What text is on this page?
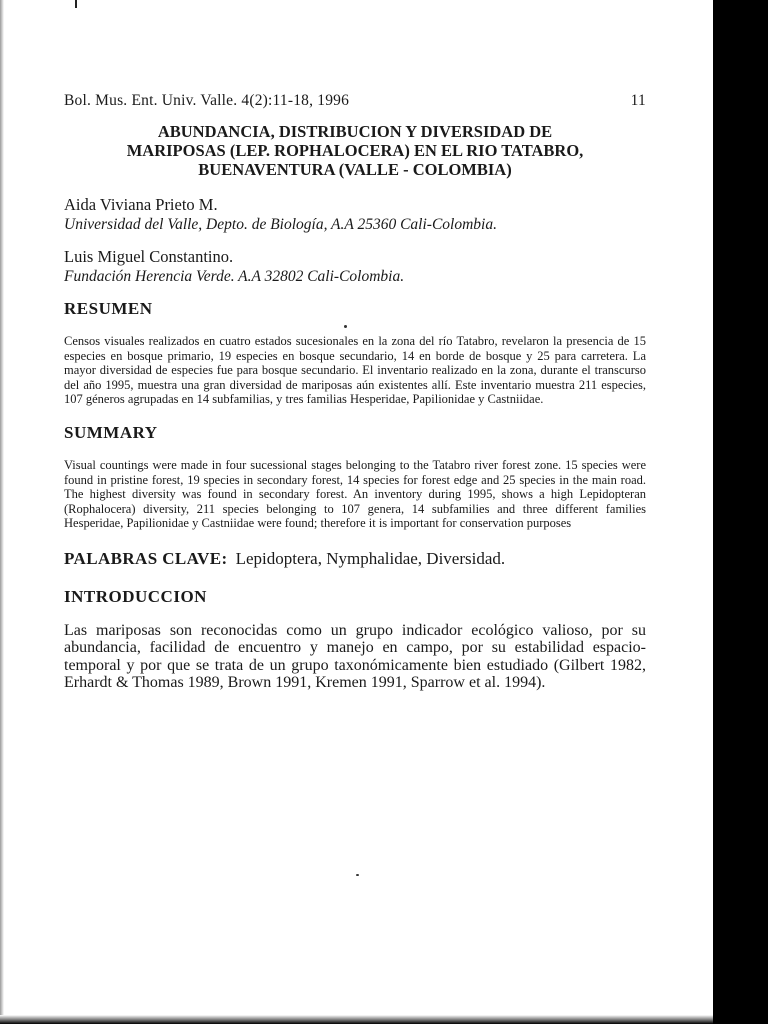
Bol. Mus. Ent. Univ. Valle. 4(2):11-18, 1996	11
ABUNDANCIA, DISTRIBUCION Y DIVERSIDAD DE
MARIPOSAS (LEP. ROPHALOCERA) EN EL RIO TATABRO,
BUENAVENTURA (VALLE - COLOMBIA)
Aida Viviana Prieto M.
Universidad del Valle, Depto. de Biología, A.A 25360 Cali-Colombia.
Luis Miguel Constantino.
Fundación Herencia Verde. A.A 32802 Cali-Colombia.
RESUMEN

Censos visuales realizados en cuatro estados sucesionales en la zona del río Tatabro, revelaron la presencia de 15 especies en bosque primario, 19 especies en bosque secundario, 14 en borde de bosque y 25 para carretera. La mayor diversidad de especies fue para bosque secundario. El inventario realizado en la zona, durante el transcurso del año 1995, muestra una gran diversidad de mariposas aún existentes allí. Este inventario muestra 211 especies, 107 géneros agrupadas en 14 subfamilias, y tres familias Hesperidae, Papilionidae y Castniidae.

SUMMARY

Visual countings were made in four sucessional stages belonging to the Tatabro river forest zone. 15 species were found in pristine forest, 19 species in secondary forest, 14 species for forest edge and 25 species in the main road. The highest diversity was found in secondary forest. An inventory during 1995, shows a high Lepidopteran (Rophalocera) diversity, 211 species belonging to 107 genera, 14 subfamilies and three different families Hesperidae, Papilionidae y Castniidae were found; therefore it is important for conservation purposes

PALABRAS CLAVE: Lepidoptera, Nymphalidae, Diversidad.
INTRODUCCION

Las mariposas son reconocidas como un grupo indicador ecológico valioso, por su abundancia, facilidad de encuentro y manejo en campo, por su estabilidad espacio-temporal y por que se trata de un grupo taxonómicamente bien estudiado (Gilbert 1982, Erhardt & Thomas 1989, Brown 1991, Kremen 1991, Sparrow et al. 1994).
